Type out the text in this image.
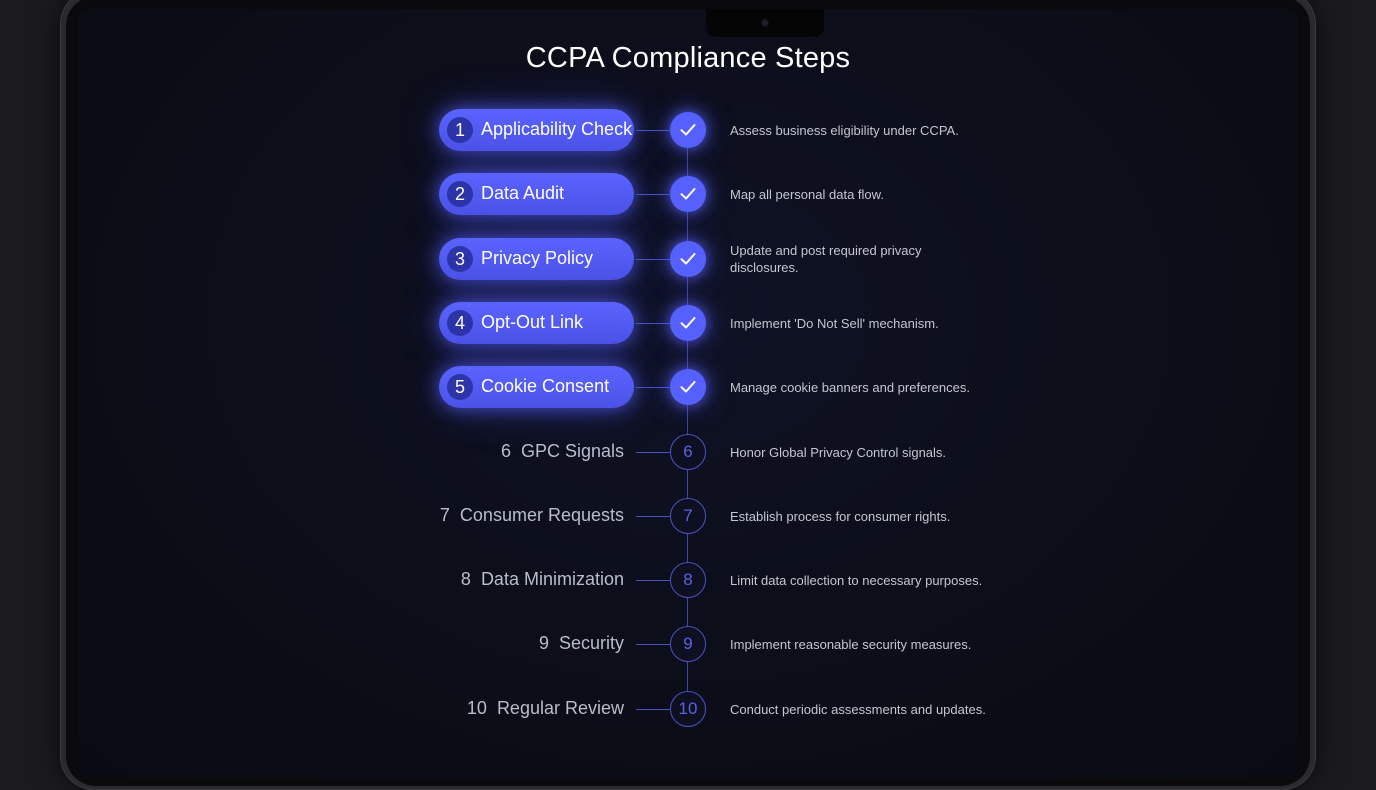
CCPA Compliance Steps
1 Applicability Check	Assess business eligibility under CCPA.
2 Data Audit	Map all personal data flow.
3 Privacy Policy	Update and post required privacy disclosures.
4 Opt-Out Link	Implement 'Do Not Sell' mechanism.
5 Cookie Consent	Manage cookie banners and preferences.
6 GPC Signals	6	Honor Global Privacy Control signals.
7 Consumer Requests	7	Establish process for consumer rights.
8 Data Minimization	8	Limit data collection to necessary purposes.
9 Security	9	Implement reasonable security measures.
10 Regular Review	10	Conduct periodic assessments and updates.
